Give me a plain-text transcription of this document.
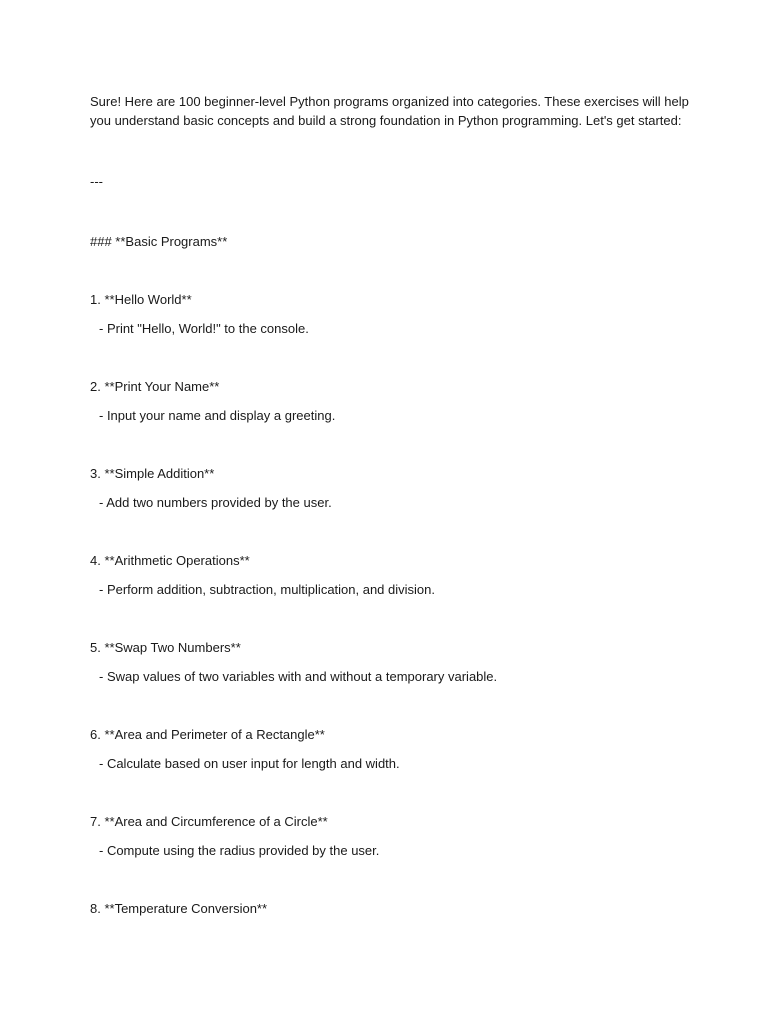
Sure! Here are 100 beginner-level Python programs organized into categories. These exercises will help

you understand basic concepts and build a strong foundation in Python programming. Let's get started:

---
### **Basic Programs**
1. **Hello World**
- Print "Hello, World!" to the console.
2. **Print Your Name**
- Input your name and display a greeting.
3. **Simple Addition**
- Add two numbers provided by the user.
4. **Arithmetic Operations**
- Perform addition, subtraction, multiplication, and division.
5. **Swap Two Numbers**
- Swap values of two variables with and without a temporary variable.
6. **Area and Perimeter of a Rectangle**
- Calculate based on user input for length and width.
7. **Area and Circumference of a Circle**
- Compute using the radius provided by the user.
8. **Temperature Conversion**
